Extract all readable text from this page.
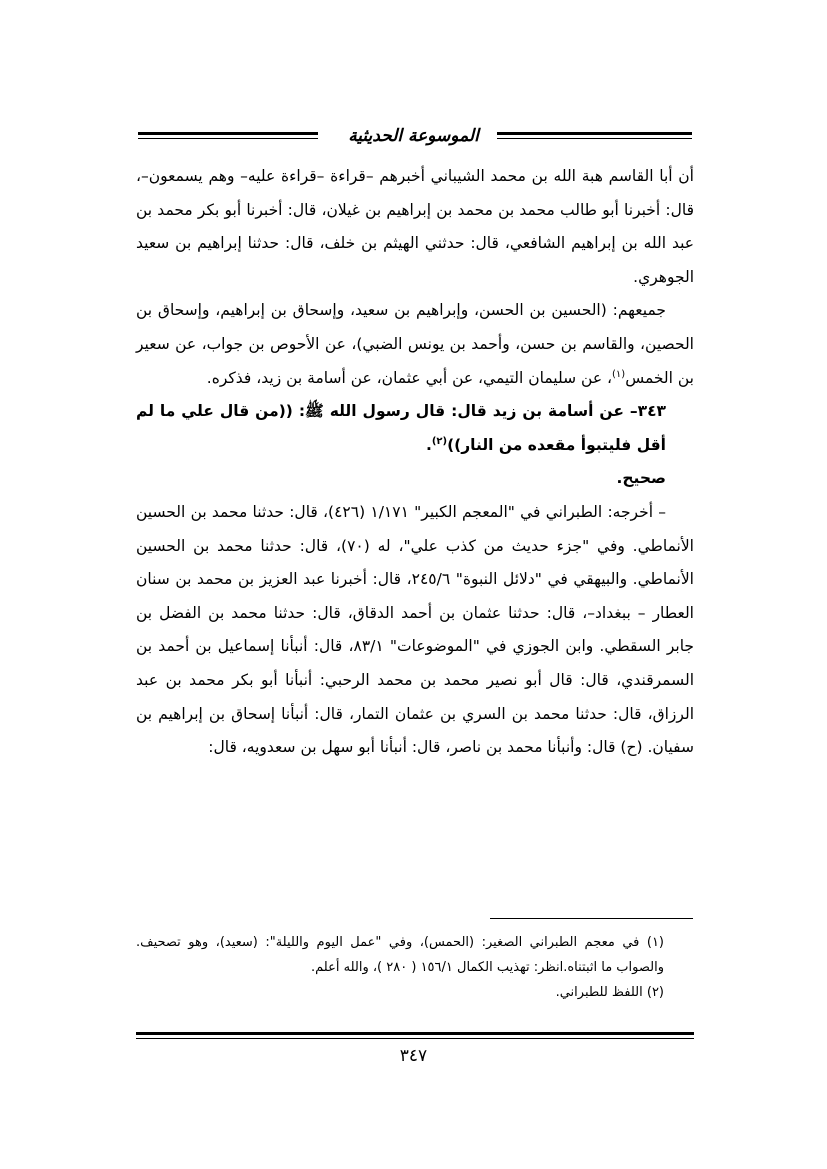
الموسوعة الحديثية

أن أبا القاسم هبة الله بن محمد الشيباني أخبرهم –قراءة –قراءة عليه– وهم يسمعون–، قال: أخبرنا أبو طالب محمد بن محمد بن إبراهيم بن غيلان، قال: أخبرنا أبو بكر محمد بن عبد الله بن إبراهيم الشافعي، قال: حدثني الهيثم بن خلف، قال: حدثنا إبراهيم بن سعيد الجوهري.

جميعهم: (الحسين بن الحسن، وإبراهيم بن سعيد، وإسحاق بن إبراهيم، وإسحاق بن الحصين، والقاسم بن حسن، وأحمد بن يونس الضبي)، عن الأحوص بن جواب، عن سعير بن الخمس$^{(١)}$، عن سليمان التيمي، عن أبي عثمان، عن أسامة بن زيد، فذكره.

٣٤٣– عن أسامة بن زيد قال: قال رسول الله ﷺ: ((من قال علي ما لم أقل فليتبوأ مقعده من النار))$^{(٢)}$.

صحيح.

– أخرجه: الطبراني في "المعجم الكبير" ١/١٧١ (٤٢٦)، قال: حدثنا محمد بن الحسين الأنماطي. وفي "جزء حديث من كذب علي"، له (٧٠)، قال: حدثنا محمد بن الحسين الأنماطي. والبيهقي في "دلائل النبوة" ٢٤٥/٦، قال: أخبرنا عبد العزيز بن محمد بن سنان العطار – ببغداد–، قال: حدثنا عثمان بن أحمد الدقاق، قال: حدثنا محمد بن الفضل بن جابر السقطي. وابن الجوزي في "الموضوعات" ٨٣/١، قال: أنبأنا إسماعيل بن أحمد بن السمرقندي، قال: قال أبو نصير محمد بن محمد الرحبي: أنبأنا أبو بكر محمد بن عبد الرزاق، قال: حدثنا محمد بن السري بن عثمان التمار، قال: أنبأنا إسحاق بن إبراهيم بن سفيان. (ح) قال: وأنبأنا محمد بن ناصر، قال: أنبأنا أبو سهل بن سعدويه، قال:

(١) في معجم الطبراني الصغير: (الحمس)، وفي "عمل اليوم والليلة": (سعيد)، وهو تصحيف. والصواب ما اثبتناه.انظر: تهذيب الكمال ١٥٦/١ ( ٢٨٠ )، والله أعلم.

(٢) اللفظ للطبراني.

٣٤٧
